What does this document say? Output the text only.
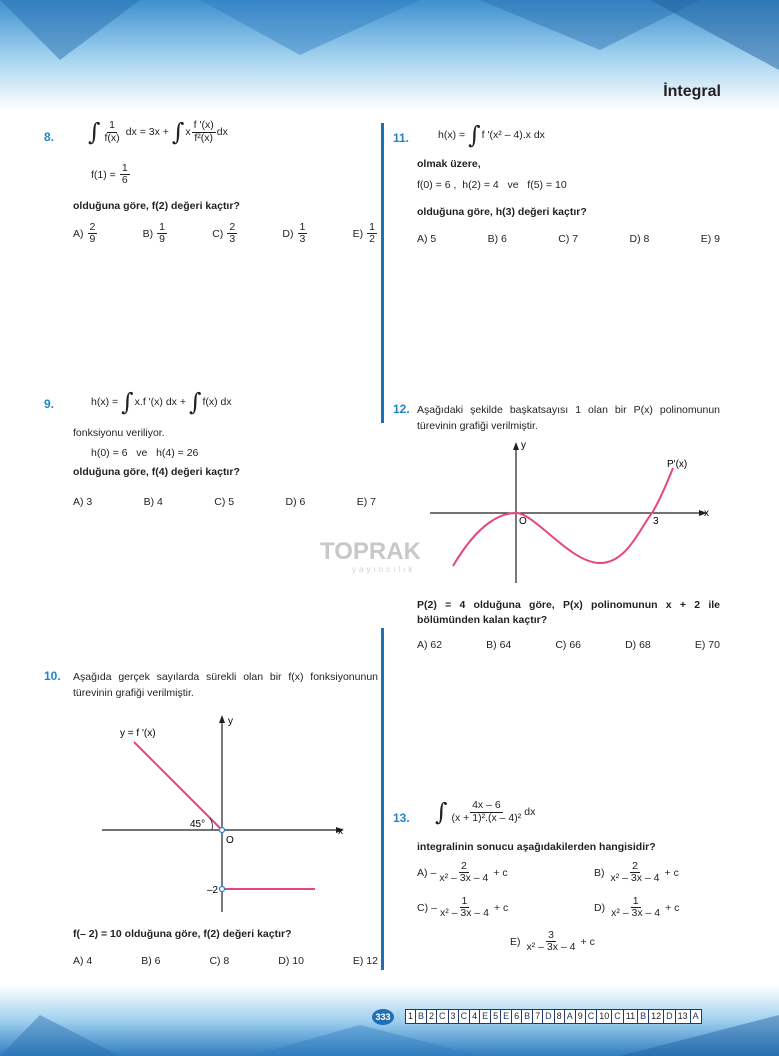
İntegral
TOPRAK
yayıncılık
8. ∫ $\frac{1}{f(x)}$ dx = 3x + ∫ x $\frac{f '(x)}{\text{f²(x)}}$ dx
$f(1) = \frac{1}{6}$
olduğuna göre, f(2) değeri kaçtır?
$A) \frac{2}{9}$	$B) \frac{1}{9}$	$C) \frac{2}{3}$	$D) \frac{1}{3}$	$E) \frac{1}{2}$
9.	h(x) = ∫ x.f '(x) dx + ∫ f(x) dx
fonksiyonu veriliyor.
h(0) = 6   ve   h(4) = 26
olduğuna göre, f(4) değeri kaçtır?
A) 3	B) 4	C) 5	D) 6	E) 7
10. Aşağıda gerçek sayılarda sürekli olan bir f(x) fonksiyonunun türevinin grafiği verilmiştir.
y = f '(x)
45°
O
–2
x
y
f(– 2) = 10 olduğuna göre, f(2) değeri kaçtır?
A) 4	B) 6	C) 8	D) 10	E) 12
11.	h(x) = ∫ f '(x² – 4).x dx
olmak üzere,
f(0) = 6 ,  h(2) = 4   ve   f(5) = 10
olduğuna göre, h(3) değeri kaçtır?
A) 5	B) 6	C) 7	D) 8	E) 9
12. Aşağıdaki şekilde başkatsayısı 1 olan bir P(x) polinomunun türevinin grafiği verilmiştir.
y
x
O	3
P'(x)
P(2) = 4 olduğuna göre, P(x) polinomunun x + 2 ile bölümünden kalan kaçtır?
A) 62	B) 64	C) 66	D) 68	E) 70
13. ∫ $\frac{4x - 6}{\text{(x + 1)².(x – 4)²}}$ dx
integralinin sonucu aşağıdakilerden hangisidir?
$A) - \frac{2}{\text{x² – 3x – 4}} + c$	$B) \frac{2}{\text{x² – 3x – 4}} + c$
$C) - \frac{1}{\text{x² – 3x – 4}} + c$	$D) \frac{1}{\text{x² – 3x – 4}} + c$
$E) \frac{3}{\text{x² – 3x – 4}} + c$
333	1 B 2 C 3 C 4 E 5 E 6 B 7 D 8 A 9 C 10 C 11 B 12 D 13 A
